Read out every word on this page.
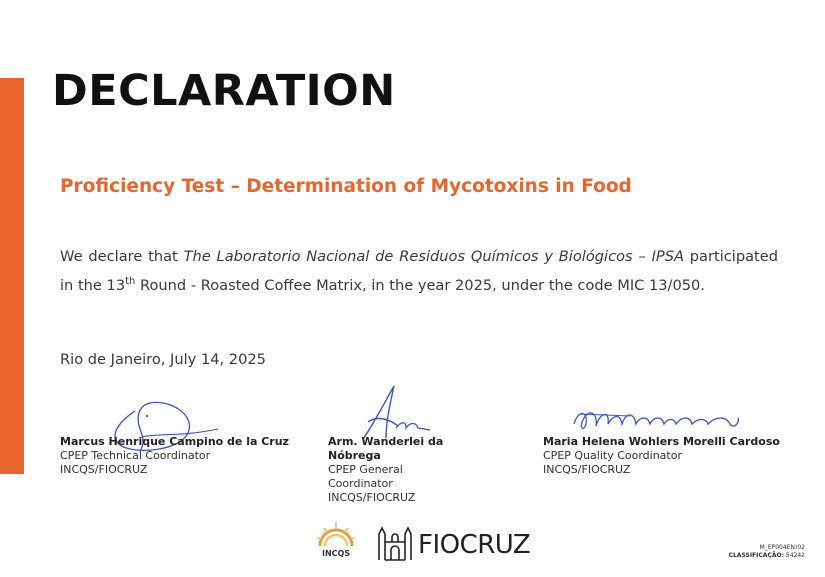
DECLARATION
Proficiency Test – Determination of Mycotoxins in Food

We declare that The Laboratorio Nacional de Residuos Químicos y Biológicos – IPSA participated in the 13th Round - Roasted Coffee Matrix, in the year 2025, under the code MIC 13/050.

Rio de Janeiro, July 14, 2025

Marcus Henrique Campino de la Cruz
CPEP Technical Coordinator
INCQS/FIOCRUZ
Arm. Wanderlei da Nóbrega
CPEP General Coordinator
INCQS/FIOCRUZ
Maria Helena Wohlers Morelli Cardoso
CPEP Quality Coordinator
INCQS/FIOCRUZ
INCQS	FIOCRUZ	M_EP004EN!02
CLASSIFICAÇÃO: 54242
